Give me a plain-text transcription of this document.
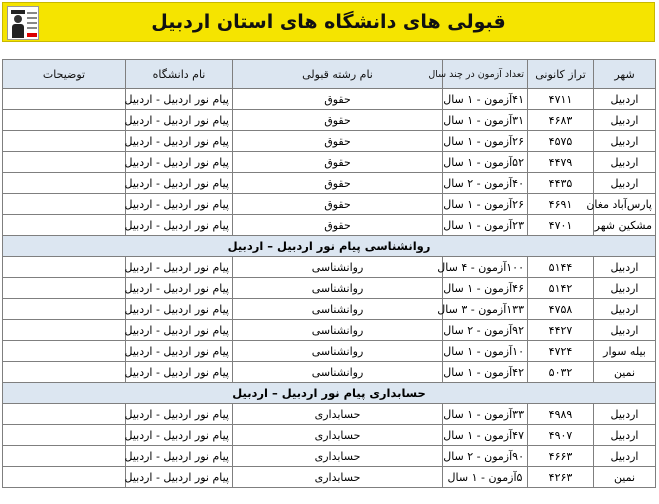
قبولی های دانشگاه های استان اردبیل
شهر	تراز کانونی	تعداد آزمون در چند سال	نام رشته قبولی	نام دانشگاه	توضیحات
اردبیل	۴۷۱۱	۴۱آزمون - ۱ سال	حقوق	پیام نور اردبیل - اردبیل	
اردبیل	۴۶۸۳	۳۱آزمون - ۱ سال	حقوق	پیام نور اردبیل - اردبیل	
اردبیل	۴۵۷۵	۲۶آزمون - ۱ سال	حقوق	پیام نور اردبیل - اردبیل	
اردبیل	۴۴۷۹	۵۲آزمون - ۱ سال	حقوق	پیام نور اردبیل - اردبیل	
اردبیل	۴۴۳۵	۴۰آزمون - ۲ سال	حقوق	پیام نور اردبیل - اردبیل	
پارس‌آباد مغان	۴۶۹۱	۲۶آزمون - ۱ سال	حقوق	پیام نور اردبیل - اردبیل	
مشکین شهر	۴۷۰۱	۲۳آزمون - ۱ سال	حقوق	پیام نور اردبیل - اردبیل	
روانشناسی پیام نور اردبیل – اردبیل					
اردبیل	۵۱۴۴	۱۰۰آزمون - ۴ سال	روانشناسی	پیام نور اردبیل - اردبیل	
اردبیل	۵۱۴۲	۴۶آزمون - ۱ سال	روانشناسی	پیام نور اردبیل - اردبیل	
اردبیل	۴۷۵۸	۱۳۳آزمون - ۳ سال	روانشناسی	پیام نور اردبیل - اردبیل	
اردبیل	۴۴۲۷	۹۲آزمون - ۲ سال	روانشناسی	پیام نور اردبیل - اردبیل	
بیله سوار	۴۷۲۴	۱۰آزمون - ۱ سال	روانشناسی	پیام نور اردبیل - اردبیل	
نمین	۵۰۳۲	۴۲آزمون - ۱ سال	روانشناسی	پیام نور اردبیل - اردبیل	
حسابداری پیام نور اردبیل – اردبیل					
اردبیل	۴۹۸۹	۳۳آزمون - ۱ سال	حسابداری	پیام نور اردبیل - اردبیل	
اردبیل	۴۹۰۷	۴۷آزمون - ۱ سال	حسابداری	پیام نور اردبیل - اردبیل	
اردبیل	۴۶۶۳	۹۰آزمون - ۲ سال	حسابداری	پیام نور اردبیل - اردبیل	
نمین	۴۲۶۳	۵آزمون - ۱ سال	حسابداری	پیام نور اردبیل - اردبیل	
